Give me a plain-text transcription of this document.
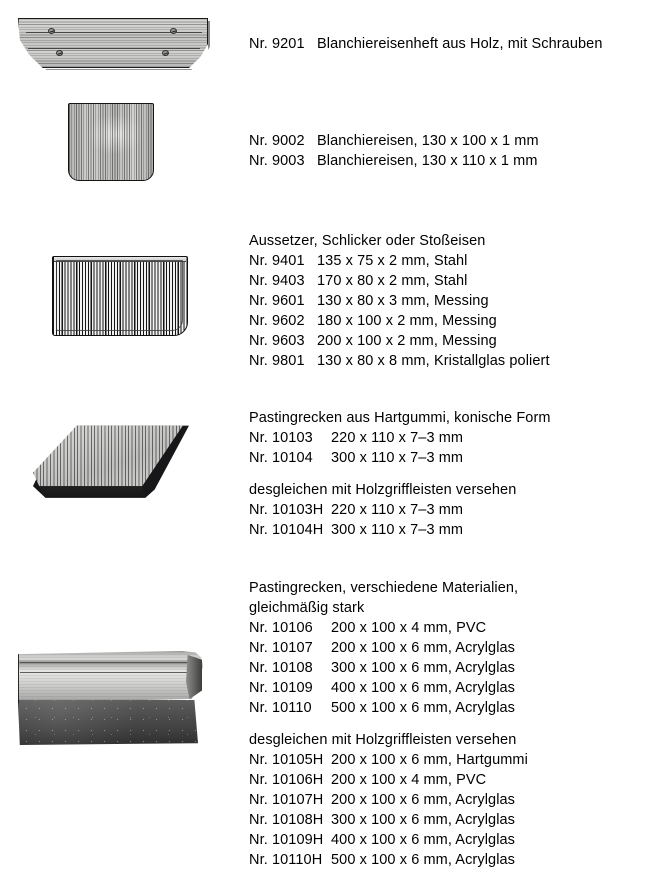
Nr. 9201 Blanchiereisenheft aus Holz, mit Schrauben
Nr. 9002 Blanchiereisen, 130 x 100 x 1 mm
Nr. 9003 Blanchiereisen, 130 x 110 x 1 mm
Aussetzer, Schlicker oder Stoßeisen
Nr. 9401 135 x 75 x 2 mm, Stahl
Nr. 9403 170 x 80 x 2 mm, Stahl
Nr. 9601 130 x 80 x 3 mm, Messing
Nr. 9602 180 x 100 x 2 mm, Messing
Nr. 9603 200 x 100 x 2 mm, Messing
Nr. 9801 130 x 80 x 8 mm, Kristallglas poliert
Pastingrecken aus Hartgummi, konische Form
Nr. 10103 220 x 110 x 7–3 mm
Nr. 10104 300 x 110 x 7–3 mm
desgleichen mit Holzgriffleisten versehen
Nr. 10103H 220 x 110 x 7–3 mm
Nr. 10104H 300 x 110 x 7–3 mm
Pastingrecken, verschiedene Materialien,
gleichmäßig stark
Nr. 10106 200 x 100 x 4 mm, PVC
Nr. 10107 200 x 100 x 6 mm, Acrylglas
Nr. 10108 300 x 100 x 6 mm, Acrylglas
Nr. 10109 400 x 100 x 6 mm, Acrylglas
Nr. 10110 500 x 100 x 6 mm, Acrylglas
desgleichen mit Holzgriffleisten versehen
Nr. 10105H 200 x 100 x 6 mm, Hartgummi
Nr. 10106H 200 x 100 x 4 mm, PVC
Nr. 10107H 200 x 100 x 6 mm, Acrylglas
Nr. 10108H 300 x 100 x 6 mm, Acrylglas
Nr. 10109H 400 x 100 x 6 mm, Acrylglas
Nr. 10110H 500 x 100 x 6 mm, Acrylglas
